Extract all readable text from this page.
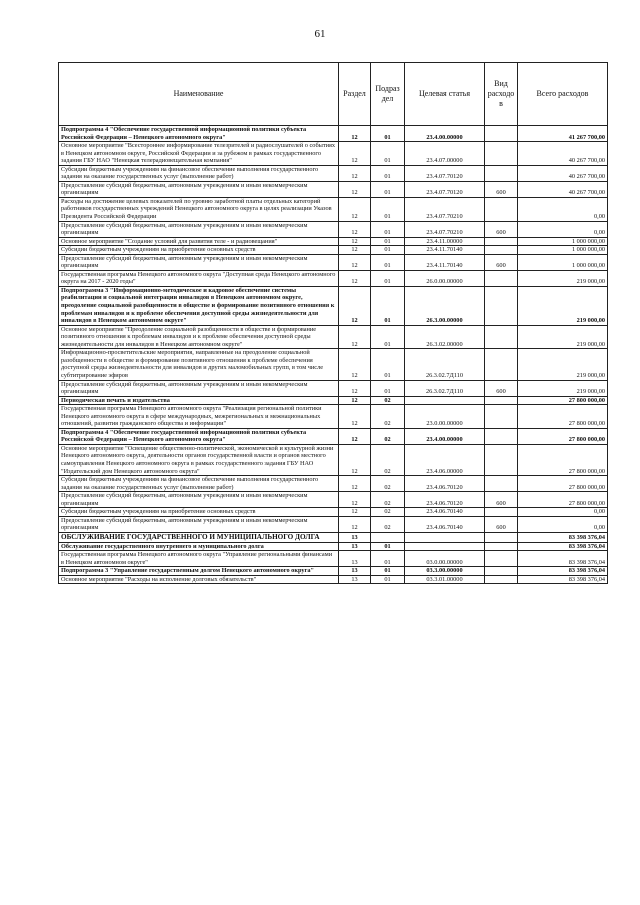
61
Наименование	Раздел	Подраз дел	Целевая статья	Вид расходо в	Всего расходов
Подпрограмма 4 "Обеспечение государственной информационной политики субъекта Российской Федерации – Ненецкого автономного округа"	12	01	23.4.00.00000		41 267 700,00
Основное мероприятие "Всестороннее информирование телезрителей и радиослушателей о событиях в Ненецком автономном округе, Российской Федерации и за рубежом в рамках государственного задания ГБУ НАО "Ненецкая телерадиовещательная компания"	12	01	23.4.07.00000		40 267 700,00
Субсидии бюджетным учреждениям на финансовое обеспечение выполнения государственного задания на оказание государственных услуг (выполнение работ)	12	01	23.4.07.70120		40 267 700,00
Предоставление субсидий бюджетным, автономным учреждениям и иным некоммерческим организациям	12	01	23.4.07.70120	600	40 267 700,00
Расходы на достижение целевых показателей по уровню заработной платы отдельных категорий работников государственных учреждений Ненецкого автономного округа в целях реализации Указов Президента Российской Федерации	12	01	23.4.07.70210		0,00
Предоставление субсидий бюджетным, автономным учреждениям и иным некоммерческим организациям	12	01	23.4.07.70210	600	0,00
Основное мероприятие "Создание условий для развития теле - и радиовещания"	12	01	23.4.11.00000		1 000 000,00
Субсидии бюджетным учреждениям на приобретение основных средств	12	01	23.4.11.70140		1 000 000,00
Предоставление субсидий бюджетным, автономным учреждениям и иным некоммерческим организациям	12	01	23.4.11.70140	600	1 000 000,00
Государственная программа Ненецкого автономного округа "Доступная среда Ненецкого автономного округа на 2017 - 2020 годы"	12	01	26.0.00.00000		219 000,00
Подпрограмма 3 "Информационно-методическое и кадровое обеспечение системы реабилитации и социальной интеграции инвалидов в Ненецком автономном округе, преодоление социальной разобщенности в обществе и формирование позитивного отношения к проблемам инвалидов и к проблеме обеспечения доступной среды жизнедеятельности для инвалидов в Ненецком автономном округе"	12	01	26.3.00.00000		219 000,00
Основное мероприятие "Преодоление социальной разобщенности в обществе и формирование позитивного отношения к проблемам инвалидов и к проблеме обеспечения доступной среды жизнедеятельности для инвалидов в Ненецком автономном округе"	12	01	26.3.02.00000		219 000,00
Информационно-просветительские мероприятия, направленные на преодоление социальной разобщенности в обществе и формирование позитивного отношения к проблеме обеспечения доступной среды жизнедеятельности для инвалидов и других маломобильных групп, в том числе субтитрирование эфиров	12	01	26.3.02.7Д110		219 000,00
Предоставление субсидий бюджетным, автономным учреждениям и иным некоммерческим организациям	12	01	26.3.02.7Д110	600	219 000,00
Периодическая печать и издательства	12	02			27 800 000,00
Государственная программа Ненецкого автономного округа "Реализация региональной политики Ненецкого автономного округа в сфере международных, межрегиональных и межнациональных отношений, развития гражданского общества и информации"	12	02	23.0.00.00000		27 800 000,00
Подпрограмма 4 "Обеспечение государственной информационной политики субъекта Российской Федерации – Ненецкого автономного округа"	12	02	23.4.00.00000		27 800 000,00
Основное мероприятие "Освещение общественно-политической, экономической и культурной жизни Ненецкого автономного округа, деятельности органов государственной власти и органов местного самоуправления Ненецкого автономного округа в рамках государственного задания ГБУ НАО "Издательский дом Ненецкого автономного округа"	12	02	23.4.06.00000		27 800 000,00
Субсидии бюджетным учреждениям на финансовое обеспечение выполнения государственного задания на оказание государственных услуг (выполнение работ)	12	02	23.4.06.70120		27 800 000,00
Предоставление субсидий бюджетным, автономным учреждениям и иным некоммерческим организациям	12	02	23.4.06.70120	600	27 800 000,00
Субсидии бюджетным учреждениям на приобретение основных средств	12	02	23.4.06.70140		0,00
Предоставление субсидий бюджетным, автономным учреждениям и иным некоммерческим организациям	12	02	23.4.06.70140	600	0,00
ОБСЛУЖИВАНИЕ ГОСУДАРСТВЕННОГО И МУНИЦИПАЛЬНОГО ДОЛГА	13				83 398 376,04
Обслуживание государственного внутреннего и муниципального долга	13	01			83 398 376,04
Государственная программа Ненецкого автономного округа "Управление региональными финансами в Ненецком автономном округе"	13	01	03.0.00.00000		83 398 376,04
Подпрограмма 3 "Управление государственным долгом Ненецкого автономного округа"	13	01	03.3.00.00000		83 398 376,04
Основное мероприятие "Расходы на исполнение долговых обязательств"	13	01	03.3.01.00000		83 398 376,04
